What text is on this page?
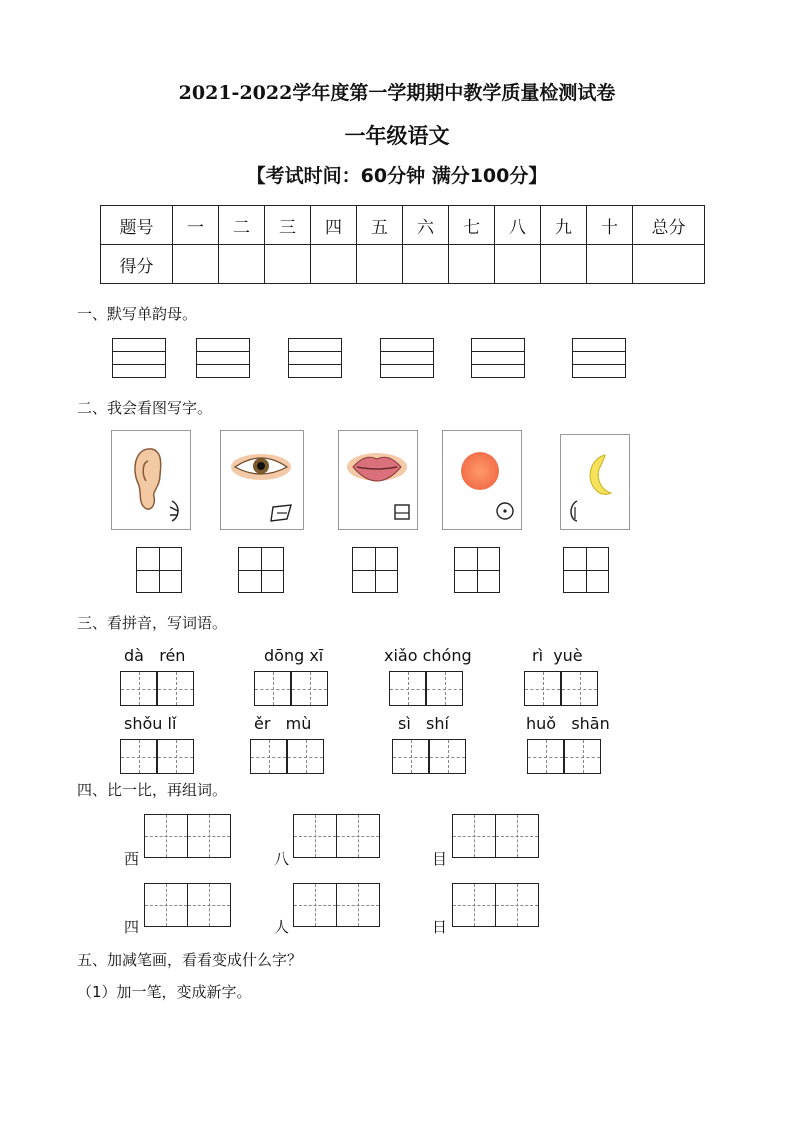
2021-2022学年度第一学期期中教学质量检测试卷
一年级语文
【考试时间：60分钟 满分100分】
题号	一	二	三	四	五	六	七	八	九	十	总分
得分											
一、默写单韵母。
二、我会看图写字。
三、看拼音，写词语。
dà   rén	dōng xī	xiǎo chóng	rì  yuè
shǒu lǐ	ěr   mù	sì   shí	huǒ   shān
四、比一比，再组词。
西	八	目
四	人	日
五、加减笔画，看看变成什么字？
（1）加一笔，变成新字。
